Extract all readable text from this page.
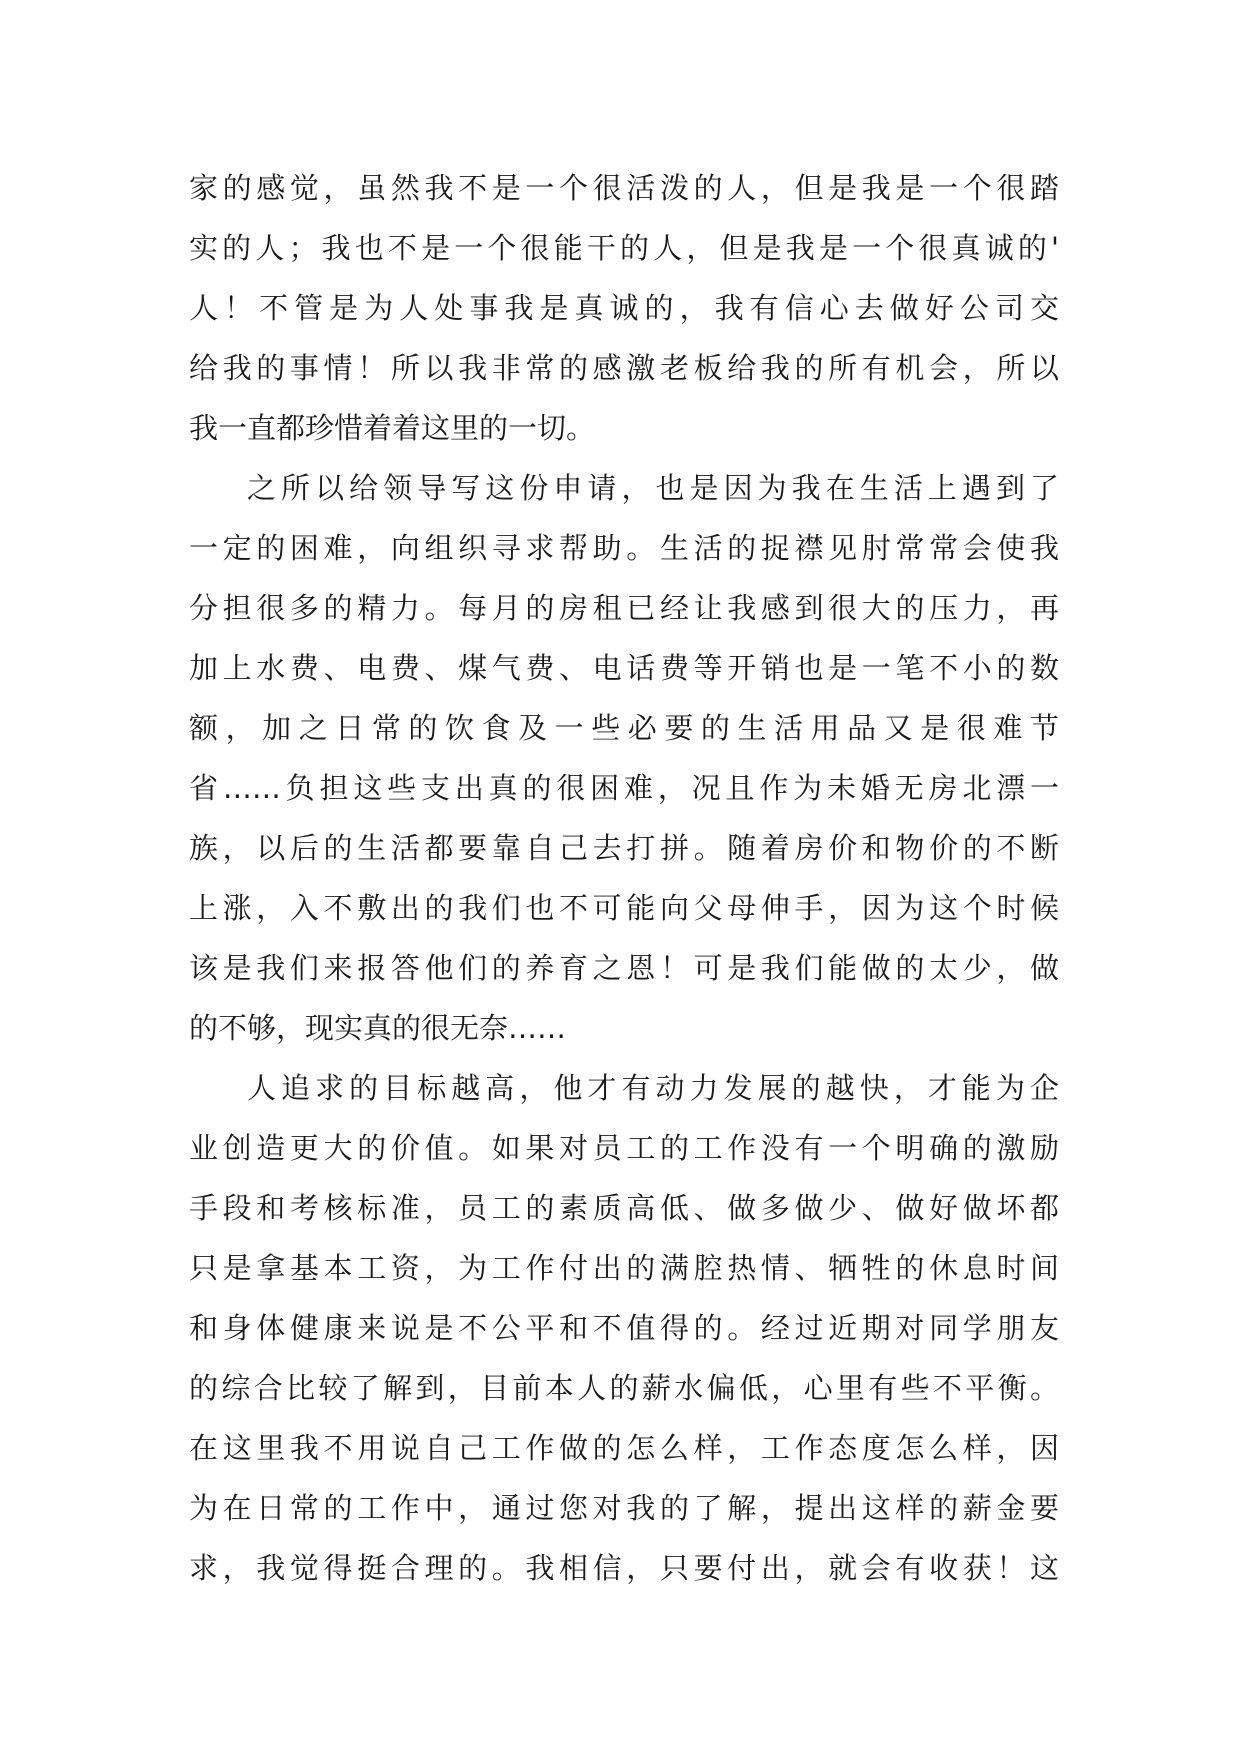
家的感觉，虽然我不是一个很活泼的人，但是我是一个很踏
实的人；我也不是一个很能干的人，但是我是一个很真诚的'
人！不管是为人处事我是真诚的，我有信心去做好公司交
给我的事情！所以我非常的感激老板给我的所有机会，所以
我一直都珍惜着着这里的一切。
之所以给领导写这份申请，也是因为我在生活上遇到了
一定的困难，向组织寻求帮助。生活的捉襟见肘常常会使我
分担很多的精力。每月的房租已经让我感到很大的压力，再
加上水费、电费、煤气费、电话费等开销也是一笔不小的数
额，加之日常的饮食及一些必要的生活用品又是很难节
省……负担这些支出真的很困难，况且作为未婚无房北漂一
族，以后的生活都要靠自己去打拼。随着房价和物价的不断
上涨，入不敷出的我们也不可能向父母伸手，因为这个时候
该是我们来报答他们的养育之恩！可是我们能做的太少，做
的不够，现实真的很无奈……
人追求的目标越高，他才有动力发展的越快，才能为企
业创造更大的价值。如果对员工的工作没有一个明确的激励
手段和考核标准，员工的素质高低、做多做少、做好做坏都
只是拿基本工资，为工作付出的满腔热情、牺牲的休息时间
和身体健康来说是不公平和不值得的。经过近期对同学朋友
的综合比较了解到，目前本人的薪水偏低，心里有些不平衡。
在这里我不用说自己工作做的怎么样，工作态度怎么样，因
为在日常的工作中，通过您对我的了解，提出这样的薪金要
求，我觉得挺合理的。我相信，只要付出，就会有收获！这
